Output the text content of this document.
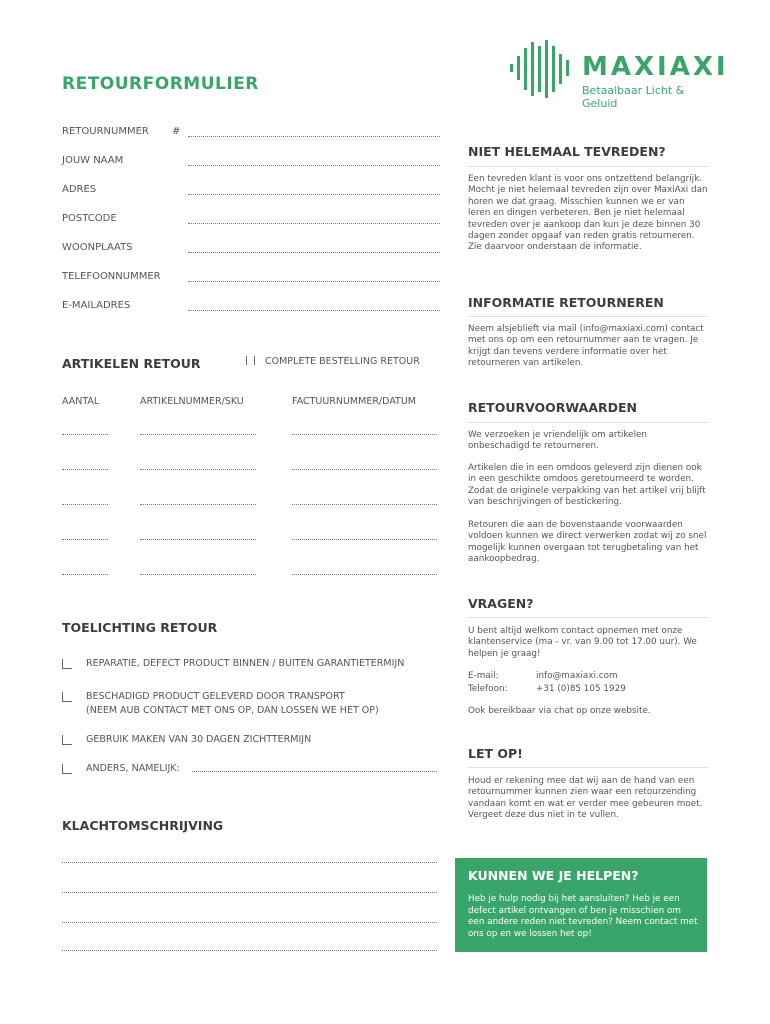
MAXIAXI
Betaalbaar Licht & Geluid
RETOURFORMULIER
RETOURNUMMER #
JOUW NAAM
ADRES
POSTCODE
WOONPLAATS
TELEFOONNUMMER
E-MAILADRES
ARTIKELEN RETOUR	COMPLETE BESTELLING RETOUR
AANTAL	ARTIKELNUMMER/SKU	FACTUURNUMMER/DATUM
TOELICHTING RETOUR
REPARATIE, DEFECT PRODUCT BINNEN / BUITEN GARANTIETERMIJN
BESCHADIGD PRODUCT GELEVERD DOOR TRANSPORT
(NEEM AUB CONTACT MET ONS OP, DAN LOSSEN WE HET OP)
GEBRUIK MAKEN VAN 30 DAGEN ZICHTTERMIJN
ANDERS, NAMELIJK:
KLACHTOMSCHRIJVING
NIET HELEMAAL TEVREDEN?
Een tevreden klant is voor ons ontzettend belangrijk. Mocht je niet helemaal tevreden zijn over MaxiAxi dan horen we dat graag. Misschien kunnen we er van leren en dingen verbeteren. Ben je niet helemaal tevreden over je aankoop dan kun je deze binnen 30 dagen zonder opgaaf van reden gratis retourneren. Zie daarvoor onderstaan de informatie.
INFORMATIE RETOURNEREN
Neem alsjeblieft via mail (info@maxiaxi.com) contact met ons op om een retournummer aan te vragen. Je krijgt dan tevens verdere informatie over het retourneren van artikelen.
RETOURVOORWAARDEN
We verzoeken je vriendelijk om artikelen onbeschadigd te retourneren.
Artikelen die in een omdoos geleverd zijn dienen ook in een geschikte omdoos geretourneerd te worden. Zodat de originele verpakking van het artikel vrij blijft van beschrijvingen of bestickering.
Retouren die aan de bovenstaande voorwaarden voldoen kunnen we direct verwerken zodat wij zo snel mogelijk kunnen overgaan tot terugbetaling van het aankoopbedrag.
VRAGEN?
U bent altijd welkom contact opnemen met onze klantenservice (ma - vr. van 9.00 tot 17.00 uur). We helpen je graag!
E-mail:	info@maxiaxi.com
Telefoon:	+31 (0)85 105 1929
Ook bereikbaar via chat op onze website.
LET OP!
Houd er rekening mee dat wij aan de hand van een retournummer kunnen zien waar een retourzending vandaan komt en wat er verder mee gebeuren moet. Vergeet deze dus niet in te vullen.
KUNNEN WE JE HELPEN?
Heb je hulp nodig bij het aansluiten? Heb je een defect artikel ontvangen of ben je misschien om een andere reden niet tevreden? Neem contact met ons op en we lossen het op!
